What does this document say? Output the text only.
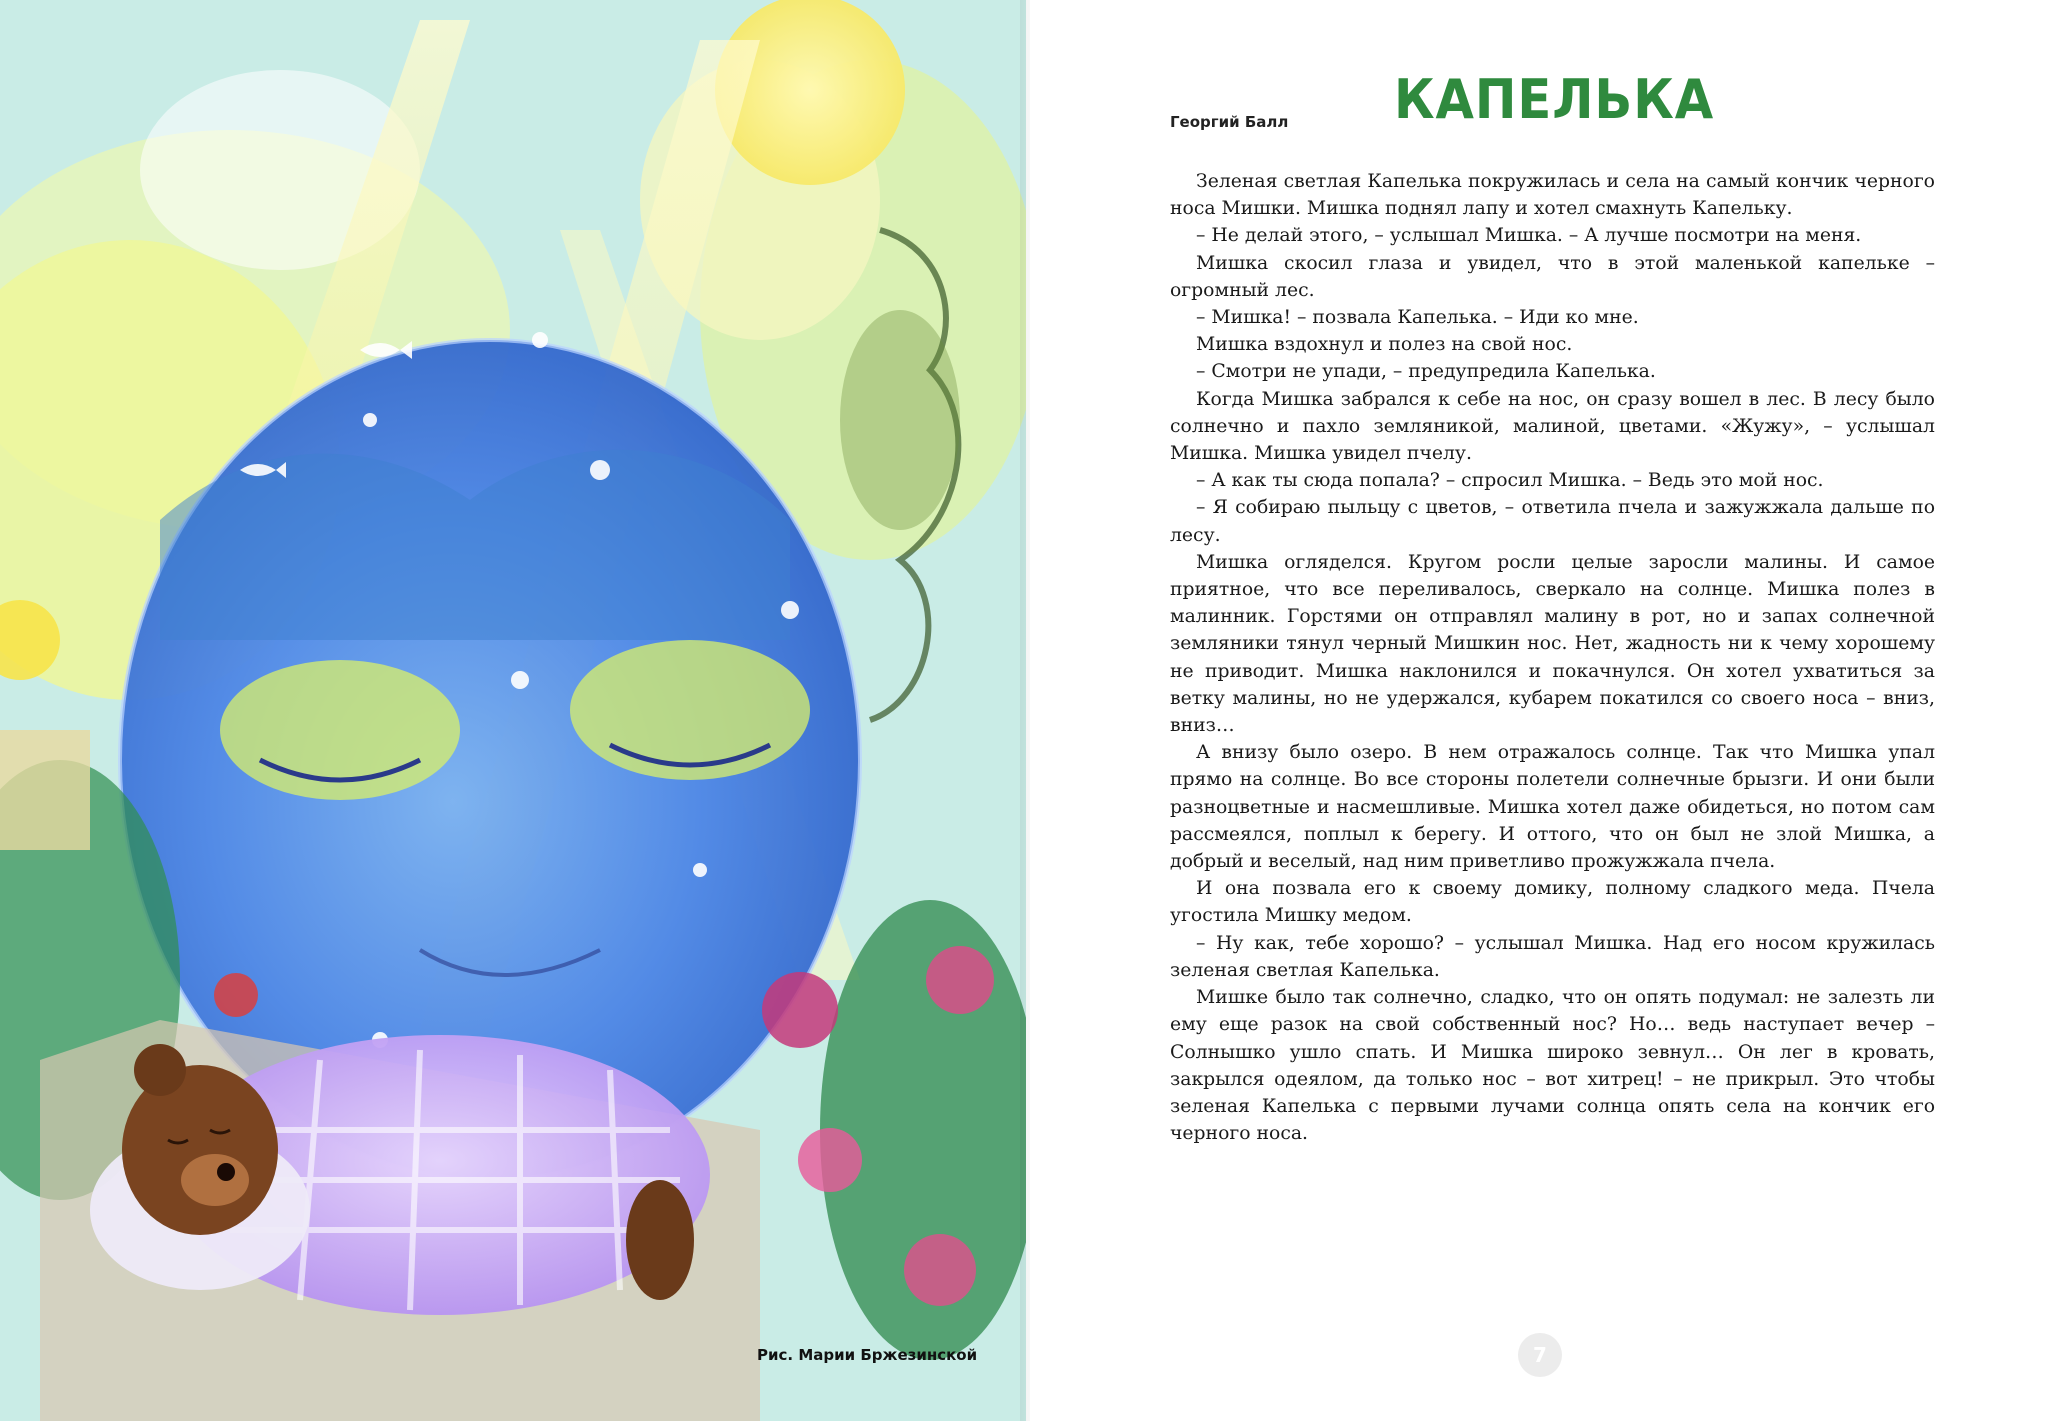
Рис. Марии Бржезинской
Георгий Балл КАПЕЛЬКА

Зеленая светлая Капелька покружилась и села на самый кончик черного носа Мишки. Мишка поднял лапу и хотел смахнуть Капельку.

– Не делай этого, – услышал Мишка. – А лучше посмотри на меня.

Мишка скосил глаза и увидел, что в этой маленькой капельке – огромный лес.

– Мишка! – позвала Капелька. – Иди ко мне.

Мишка вздохнул и полез на свой нос.

– Смотри не упади, – предупредила Капелька.

Когда Мишка забрался к себе на нос, он сразу вошел в лес. В лесу было солнечно и пахло земляникой, малиной, цветами. «Жужу», – услышал Мишка. Мишка увидел пчелу.

– А как ты сюда попала? – спросил Мишка. – Ведь это мой нос.

– Я собираю пыльцу с цветов, – ответила пчела и зажужжала дальше по лесу.

Мишка огляделся. Кругом росли целые заросли малины. И самое приятное, что все переливалось, сверкало на солнце. Мишка полез в малинник. Горстями он отправлял малину в рот, но и запах солнечной земляники тянул черный Мишкин нос. Нет, жадность ни к чему хорошему не приводит. Мишка наклонился и покачнулся. Он хотел ухватиться за ветку малины, но не удержался, кубарем покатился со своего носа – вниз, вниз…

А внизу было озеро. В нем отражалось солнце. Так что Мишка упал прямо на солнце. Во все стороны полетели солнечные брызги. И они были разноцветные и насмешливые. Мишка хотел даже обидеться, но потом сам рассмеялся, поплыл к берегу. И оттого, что он был не злой Мишка, а добрый и веселый, над ним приветливо прожужжала пчела.

И она позвала его к своему домику, полному сладкого меда. Пчела угостила Мишку медом.

– Ну как, тебе хорошо? – услышал Мишка. Над его носом кружилась зеленая светлая Капелька.

Мишке было так солнечно, сладко, что он опять подумал: не залезть ли ему еще разок на свой собственный нос? Но… ведь наступает вечер – Солнышко ушло спать. И Мишка широко зевнул… Он лег в кровать, закрылся одеялом, да только нос – вот хитрец! – не прикрыл. Это чтобы зеленая Капелька с первыми лучами солнца опять села на кончик его черного носа.

7
